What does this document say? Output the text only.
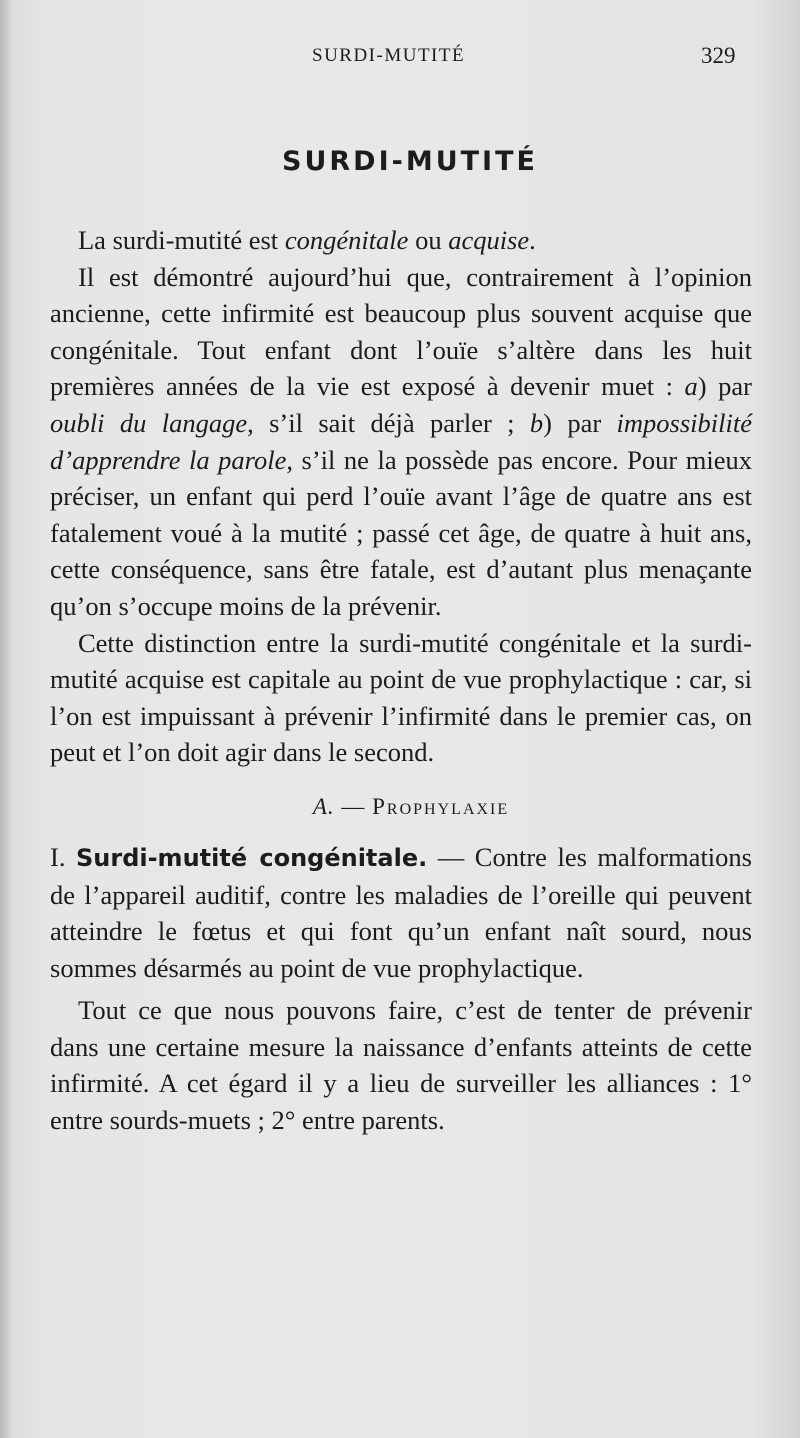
SURDI-MUTITÉ	329
SURDI-MUTITÉ

La surdi-mutité est congénitale ou acquise.

Il est démontré aujourd’hui que, contrairement à l’opinion ancienne, cette infirmité est beaucoup plus souvent acquise que congénitale. Tout enfant dont l’ouïe s’altère dans les huit premières années de la vie est exposé à devenir muet : a) par oubli du langage, s’il sait déjà parler ; b) par impossibilité d’apprendre la parole, s’il ne la possède pas encore. Pour mieux préciser, un enfant qui perd l’ouïe avant l’âge de quatre ans est fatalement voué à la mutité ; passé cet âge, de quatre à huit ans, cette conséquence, sans être fatale, est d’autant plus menaçante qu’on s’occupe moins de la prévenir.

Cette distinction entre la surdi-mutité congénitale et la surdi-mutité acquise est capitale au point de vue prophylactique : car, si l’on est impuissant à prévenir l’infirmité dans le premier cas, on peut et l’on doit agir dans le second.

A. — Prophylaxie

I. Surdi-mutité congénitale. — Contre les malformations de l’appareil auditif, contre les maladies de l’oreille qui peuvent atteindre le fœtus et qui font qu’un enfant naît sourd, nous sommes désarmés au point de vue prophylactique.

Tout ce que nous pouvons faire, c’est de tenter de prévenir dans une certaine mesure la naissance d’enfants atteints de cette infirmité. A cet égard il y a lieu de surveiller les alliances : 1° entre sourds-muets ; 2° entre parents.
